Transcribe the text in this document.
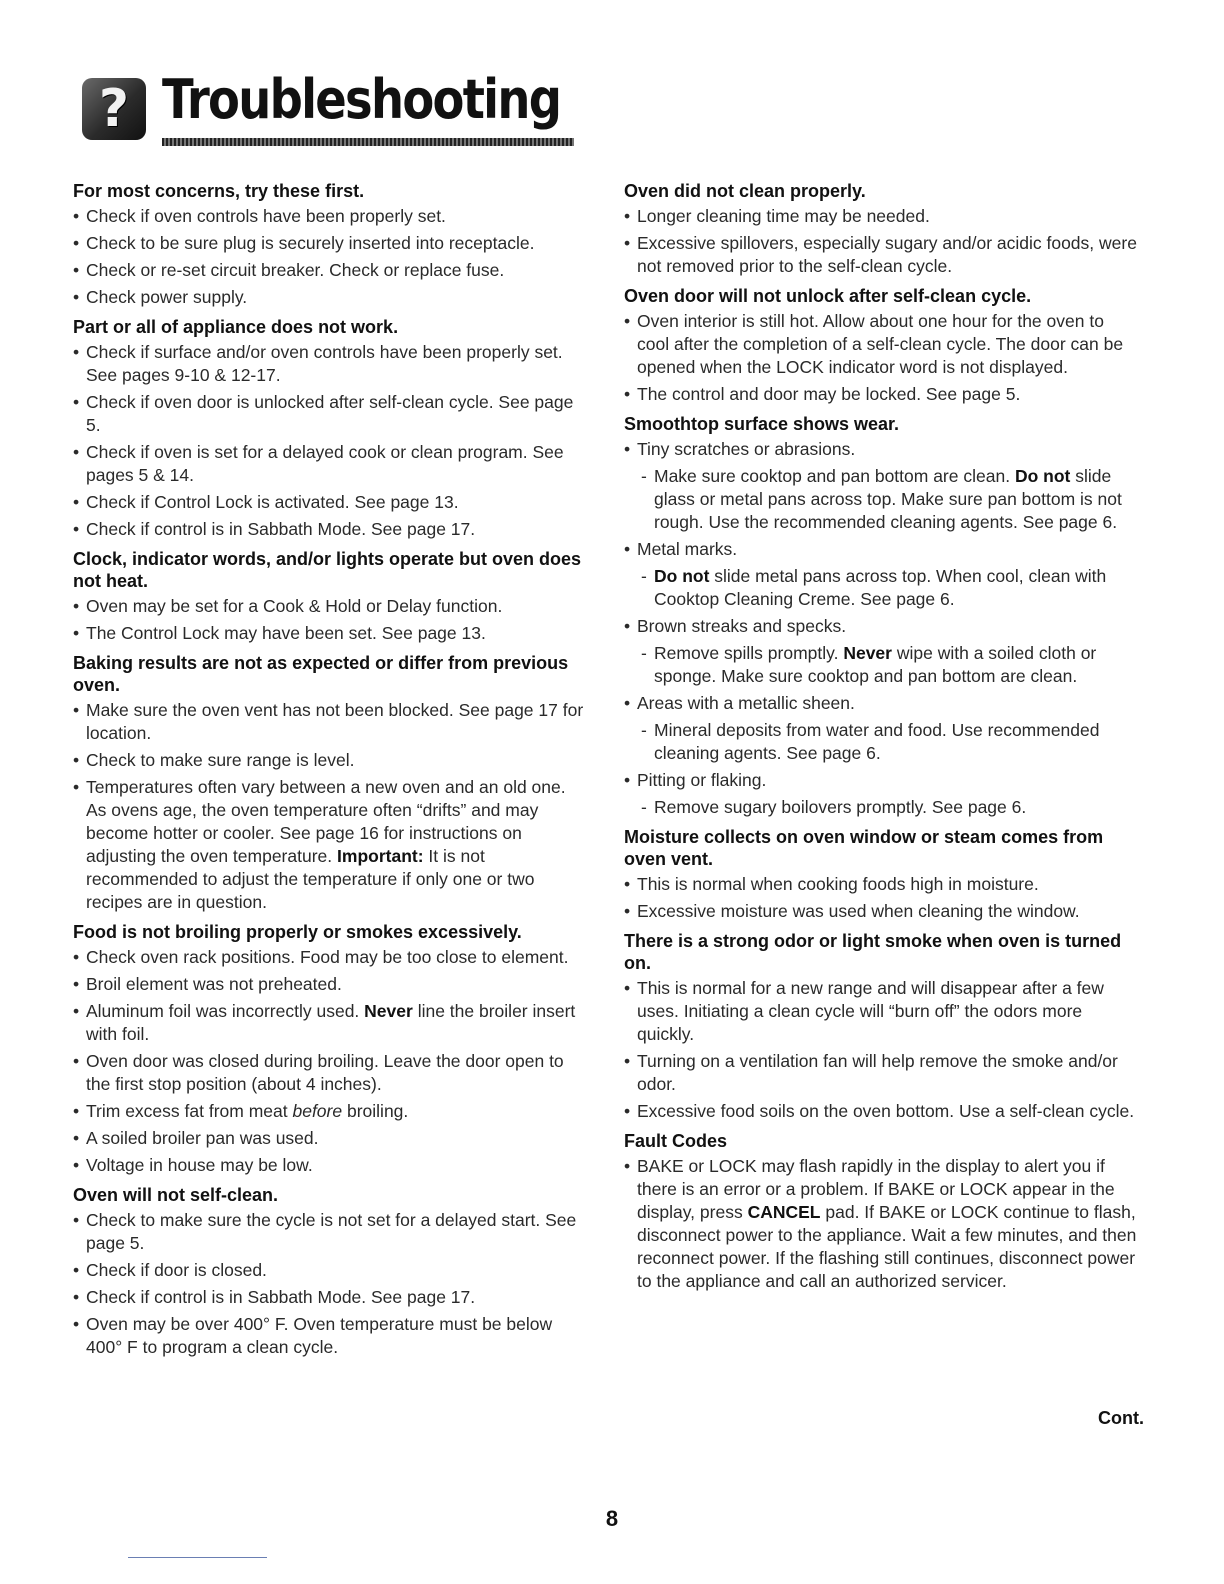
? Troubleshooting
For most concerns, try these first.
• Check if oven controls have been properly set.
• Check to be sure plug is securely inserted into receptacle.
• Check or re-set circuit breaker. Check or replace fuse.
• Check power supply.
Part or all of appliance does not work.
• Check if surface and/or oven controls have been properly set. See pages 9-10 & 12-17.
• Check if oven door is unlocked after self-clean cycle. See page 5.
• Check if oven is set for a delayed cook or clean program. See pages 5 & 14.
• Check if Control Lock is activated. See page 13.
• Check if control is in Sabbath Mode. See page 17.
Clock, indicator words, and/or lights operate but oven does not heat.
• Oven may be set for a Cook & Hold or Delay function.
• The Control Lock may have been set. See page 13.
Baking results are not as expected or differ from previous oven.
• Make sure the oven vent has not been blocked. See page 17 for location.
• Check to make sure range is level.
• Temperatures often vary between a new oven and an old one. As ovens age, the oven temperature often “drifts” and may become hotter or cooler. See page 16 for instructions on adjusting the oven temperature. Important: It is not recommended to adjust the temperature if only one or two recipes are in question.
Food is not broiling properly or smokes excessively.
• Check oven rack positions. Food may be too close to element.
• Broil element was not preheated.
• Aluminum foil was incorrectly used. Never line the broiler insert with foil.
• Oven door was closed during broiling. Leave the door open to the first stop position (about 4 inches).
• Trim excess fat from meat before broiling.
• A soiled broiler pan was used.
• Voltage in house may be low.
Oven will not self-clean.
• Check to make sure the cycle is not set for a delayed start. See page 5.
• Check if door is closed.
• Check if control is in Sabbath Mode. See page 17.
• Oven may be over 400° F. Oven temperature must be below 400° F to program a clean cycle.
Oven did not clean properly.
• Longer cleaning time may be needed.
• Excessive spillovers, especially sugary and/or acidic foods, were not removed prior to the self-clean cycle.
Oven door will not unlock after self-clean cycle.
• Oven interior is still hot. Allow about one hour for the oven to cool after the completion of a self-clean cycle. The door can be opened when the LOCK indicator word is not displayed.
• The control and door may be locked. See page 5.
Smoothtop surface shows wear.
• Tiny scratches or abrasions.
- Make sure cooktop and pan bottom are clean. Do not slide glass or metal pans across top. Make sure pan bottom is not rough. Use the recommended cleaning agents. See page 6.
• Metal marks.
- Do not slide metal pans across top. When cool, clean with Cooktop Cleaning Creme. See page 6.
• Brown streaks and specks.
- Remove spills promptly. Never wipe with a soiled cloth or sponge. Make sure cooktop and pan bottom are clean.
• Areas with a metallic sheen.
- Mineral deposits from water and food. Use recommended cleaning agents. See page 6.
• Pitting or flaking.
- Remove sugary boilovers promptly. See page 6.
Moisture collects on oven window or steam comes from oven vent.
• This is normal when cooking foods high in moisture.
• Excessive moisture was used when cleaning the window.
There is a strong odor or light smoke when oven is turned on.
• This is normal for a new range and will disappear after a few uses. Initiating a clean cycle will “burn off” the odors more quickly.
• Turning on a ventilation fan will help remove the smoke and/or odor.
• Excessive food soils on the oven bottom. Use a self-clean cycle.
Fault Codes
• BAKE or LOCK may flash rapidly in the display to alert you if there is an error or a problem. If BAKE or LOCK appear in the display, press CANCEL pad. If BAKE or LOCK continue to flash, disconnect power to the appliance. Wait a few minutes, and then reconnect power. If the flashing still continues, disconnect power to the appliance and call an authorized servicer.
Cont.
8
